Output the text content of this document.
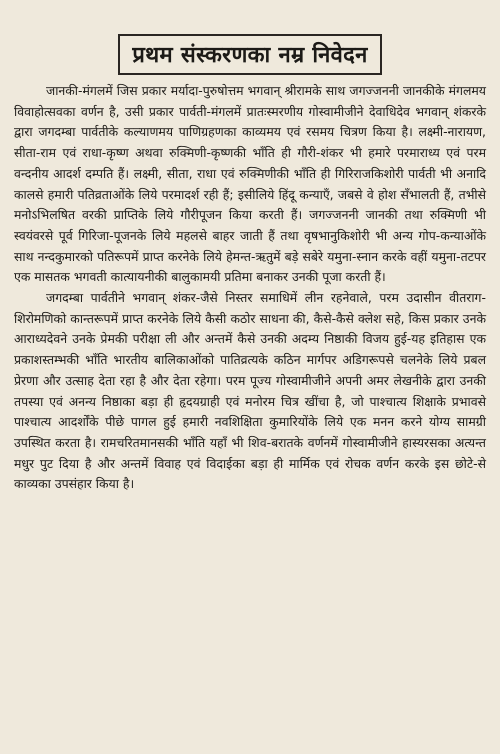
प्रथम संस्करणका नम्र निवेदन

जानकी-मंगलमें जिस प्रकार मर्यादा-पुरुषोत्तम भगवान् श्रीरामके साथ जगज्जननी जानकीके मंगलमय विवाहोत्सवका वर्णन है, उसी प्रकार पार्वती-मंगलमें प्रातःस्मरणीय गोस्वामीजीने देवाधिदेव भगवान् शंकरके द्वारा जगदम्बा पार्वतीके कल्याणमय पाणिग्रहणका काव्यमय एवं रसमय चित्रण किया है। लक्ष्मी-नारायण, सीता-राम एवं राधा-कृष्ण अथवा रुक्मिणी-कृष्णकी भाँति ही गौरी-शंकर भी हमारे परमाराध्य एवं परम वन्दनीय आदर्श दम्पति हैं। लक्ष्मी, सीता, राधा एवं रुक्मिणीकी भाँति ही गिरिराजकिशोरी पार्वती भी अनादि कालसे हमारी पतिव्रताओंके लिये परमादर्श रही हैं; इसीलिये हिंदू कन्याएँ, जबसे वे होश सँभालती हैं, तभीसे मनोऽभिलषित वरकी प्राप्तिके लिये गौरीपूजन किया करती हैं। जगज्जननी जानकी तथा रुक्मिणी भी स्वयंवरसे पूर्व गिरिजा-पूजनके लिये महलसे बाहर जाती हैं तथा वृषभानुकिशोरी भी अन्य गोप-कन्याओंके साथ नन्दकुमारको पतिरूपमें प्राप्त करनेके लिये हेमन्त-ऋतुमें बड़े सबेरे यमुना-स्नान करके वहीं यमुना-तटपर एक मासतक भगवती कात्यायनीकी बालुकामयी प्रतिमा बनाकर उनकी पूजा करती हैं।

जगदम्बा पार्वतीने भगवान् शंकर-जैसे निस्तर समाधिमें लीन रहनेवाले, परम उदासीन वीतराग-शिरोमणिको कान्तरूपमें प्राप्त करनेके लिये कैसी कठोर साधना की, कैसे-कैसे क्लेश सहे, किस प्रकार उनके आराध्यदेवने उनके प्रेमकी परीक्षा ली और अन्तमें कैसे उनकी अदम्य निष्ठाकी विजय हुई-यह इतिहास एक प्रकाशस्तम्भकी भाँति भारतीय बालिकाओंको पातिव्रत्यके कठिन मार्गपर अडिगरूपसे चलनेके लिये प्रबल प्रेरणा और उत्साह देता रहा है और देता रहेगा। परम पूज्य गोस्वामीजीने अपनी अमर लेखनीके द्वारा उनकी तपस्या एवं अनन्य निष्ठाका बड़ा ही हृदयग्राही एवं मनोरम चित्र खींचा है, जो पाश्चात्य शिक्षाके प्रभावसे पाश्चात्य आदर्शोंके पीछे पागल हुई हमारी नवशिक्षिता कुमारियोंके लिये एक मनन करने योग्य सामग्री उपस्थित करता है। रामचरितमानसकी भाँति यहाँ भी शिव-बरातके वर्णनमें गोस्वामीजीने हास्यरसका अत्यन्त मधुर पुट दिया है और अन्तमें विवाह एवं विदाईका बड़ा ही मार्मिक एवं रोचक वर्णन करके इस छोटे-से काव्यका उपसंहार किया है।
